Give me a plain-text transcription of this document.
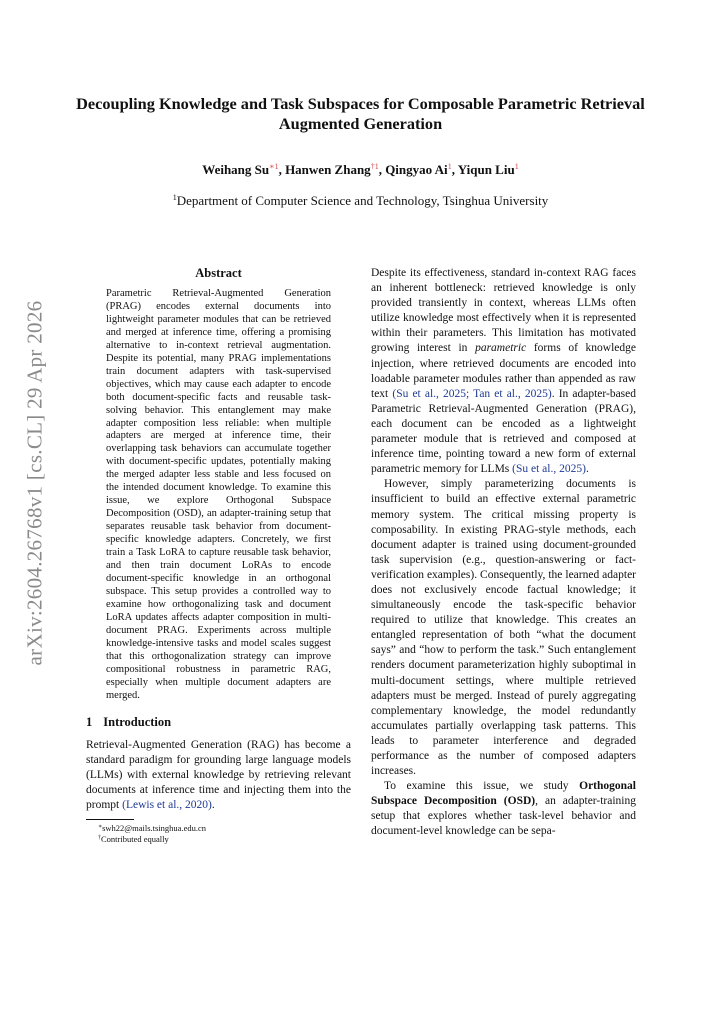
arXiv:2604.26768v1 [cs.CL] 29 Apr 2026
Decoupling Knowledge and Task Subspaces for Composable Parametric Retrieval Augmented Generation
Weihang $Su^{∗1}$, Hanwen Zhang$^{\dagger 1}$, Qingyao Ai$^1$, Yiqun Liu$^1$
$^1$Department of Computer Science and Technology, Tsinghua University
Abstract

Parametric Retrieval-Augmented Generation (PRAG) encodes external documents into lightweight parameter modules that can be retrieved and merged at inference time, offering a promising alternative to in-context retrieval augmentation. Despite its potential, many PRAG implementations train document adapters with task-supervised objectives, which may cause each adapter to encode both document-specific facts and reusable task-solving behavior. This entanglement may make adapter composition less reliable: when multiple adapters are merged at inference time, their overlapping task behaviors can accumulate together with document-specific updates, potentially making the merged adapter less stable and less focused on the intended document knowledge. To examine this issue, we explore Orthogonal Subspace Decomposition (OSD), an adapter-training setup that separates reusable task behavior from document-specific knowledge adapters. Concretely, we first train a Task LoRA to capture reusable task behavior, and then train document LoRAs to encode document-specific knowledge in an orthogonal subspace. This setup provides a controlled way to examine how orthogonalizing task and document LoRA updates affects adapter composition in multi-document PRAG. Experiments across multiple knowledge-intensive tasks and model scales suggest that this orthogonalization strategy can improve compositional robustness in parametric RAG, especially when multiple document adapters are merged.

1 Introduction

Retrieval-Augmented Generation (RAG) has become a standard paradigm for grounding large language models (LLMs) with external knowledge by retrieving relevant documents at inference time and injecting them into the prompt (Lewis et al., 2020).

∗swh22@mails.tsinghua.edu.cn
†Contributed equally

Despite its effectiveness, standard in-context RAG faces an inherent bottleneck: retrieved knowledge is only provided transiently in context, whereas LLMs often utilize knowledge most effectively when it is represented within their parameters. This limitation has motivated growing interest in parametric forms of knowledge injection, where retrieved documents are encoded into loadable parameter modules rather than appended as raw text (Su et al., 2025; Tan et al., 2025). In adapter-based Parametric Retrieval-Augmented Generation (PRAG), each document can be encoded as a lightweight parameter module that is retrieved and composed at inference time, pointing toward a new form of external parametric memory for LLMs (Su et al., 2025).

However, simply parameterizing documents is insufficient to build an effective external parametric memory system. The critical missing property is composability. In existing PRAG-style methods, each document adapter is trained using document-grounded task supervision (e.g., question-answering or fact-verification examples). Consequently, the learned adapter does not exclusively encode factual knowledge; it simultaneously encode the task-specific behavior required to utilize that knowledge. This creates an entangled representation of both “what the document says” and “how to perform the task.” Such entanglement renders document parameterization highly suboptimal in multi-document settings, where multiple retrieved adapters must be merged. Instead of purely aggregating complementary knowledge, the model redundantly accumulates partially overlapping task patterns. This leads to parameter interference and degraded performance as the number of composed adapters increases.

To examine this issue, we study Orthogonal Subspace Decomposition (OSD), an adapter-training setup that explores whether task-level behavior and document-level knowledge can be sepa-
